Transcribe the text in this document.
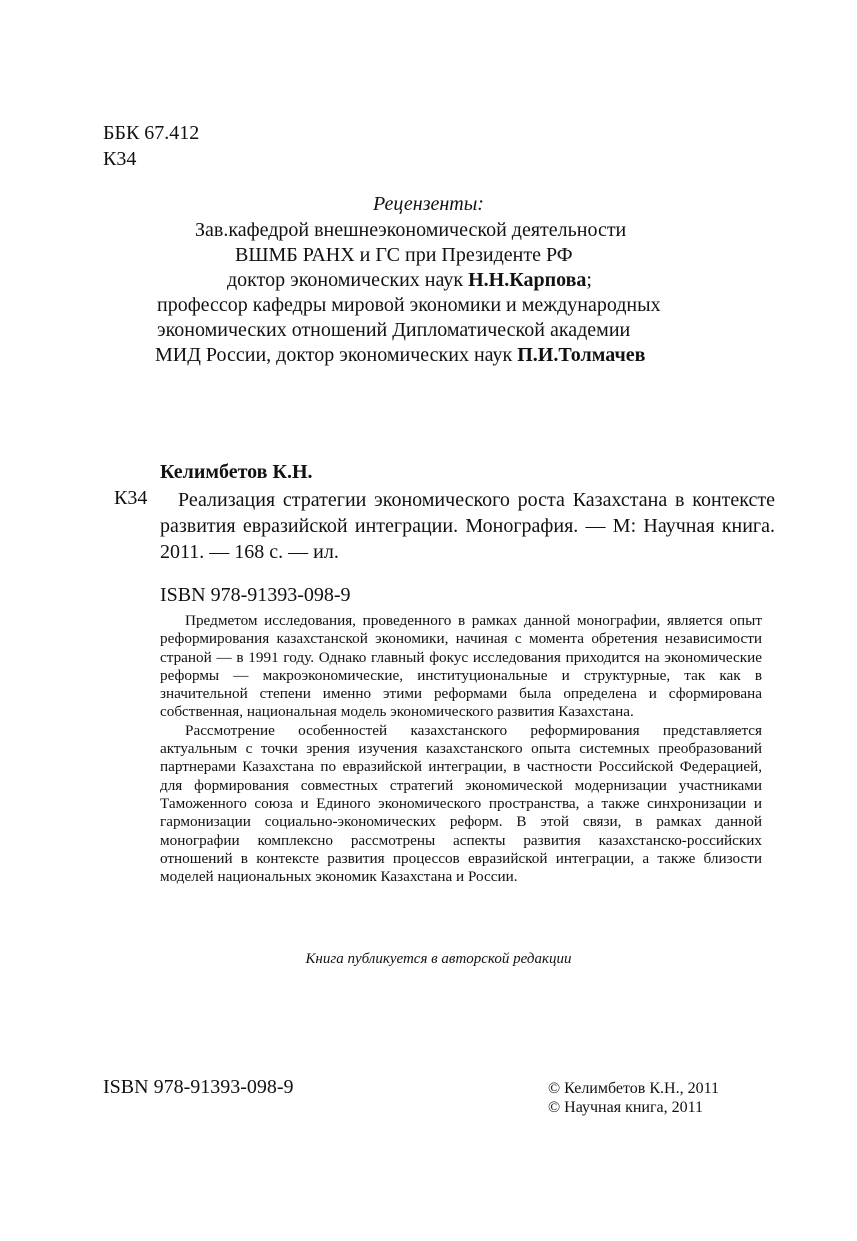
ББК 67.412
К34
Рецензенты:
Зав.кафедрой внешнеэкономической деятельности
ВШМБ РАНХ и ГС при Президенте РФ
доктор экономических наук Н.Н.Карпова;
профессор кафедры мировой экономики и международных
экономических отношений Дипломатической академии
МИД России, доктор экономических наук П.И.Толмачев
Келимбетов К.Н.
К34	Реализация стратегии экономического роста Казахстана в контексте развития евразийской интеграции. Монография. — М: Научная книга. 2011. — 168 с. — ил.
ISBN 978-91393-098-9

Предметом исследования, проведенного в рамках данной монографии, является опыт реформирования казахстанской экономики, начиная с момента обретения независимости страной — в 1991 году. Однако главный фокус исследования приходится на экономические реформы — макроэкономические, институциональные и структурные, так как в значительной степени именно этими реформами была определена и сформирована собственная, национальная модель экономического развития Казахстана.

Рассмотрение особенностей казахстанского реформирования представляется актуальным с точки зрения изучения казахстанского опыта системных преобразований партнерами Казахстана по евразийской интеграции, в частности Российской Федерацией, для формирования совместных стратегий экономической модернизации участниками Таможенного союза и Единого экономического пространства, а также синхронизации и гармонизации социально-экономических реформ. В этой связи, в рамках данной монографии комплексно рассмотрены аспекты развития казахстанско-российских отношений в контексте развития процессов евразийской интеграции, а также близости моделей национальных экономик Казахстана и России.

Книга публикуется в авторской редакции
ISBN 978-91393-098-9	© Келимбетов К.Н., 2011
© Научная книга, 2011
